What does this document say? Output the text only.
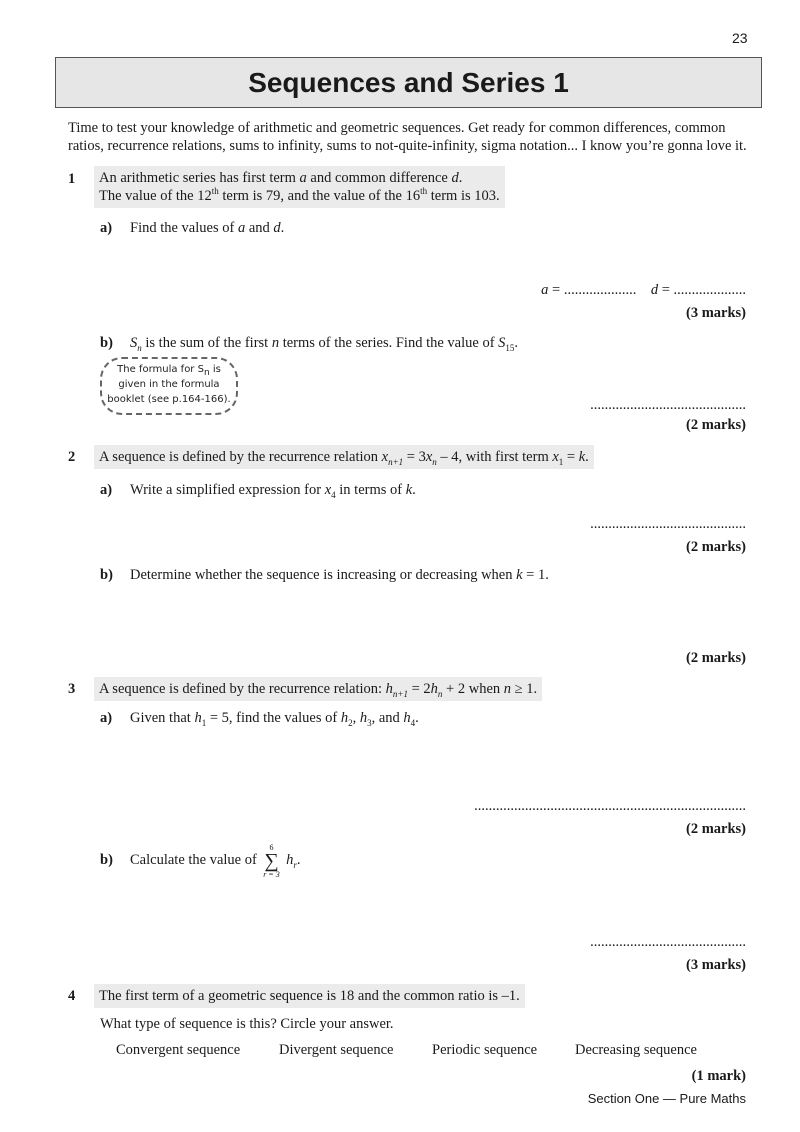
23
Sequences and Series 1
Time to test your knowledge of arithmetic and geometric sequences. Get ready for common differences, common
ratios, recurrence relations, sums to infinity, sums to not-quite-infinity, sigma notation... I know you’re gonna love it.
1 An arithmetic series has first term a and common difference d.
The value of the 12th term is 79, and the value of the 16th term is 103.
a) Find the values of a and d.
a = .................... d = ....................
(3 marks)
b) $S_n$ is the sum of the first n terms of the series. Find the value of $S_{15}$.
The formula for $S_n$ is
given in the formula
booklet (see p.164-166).	...........................................
(2 marks)
2	A sequence is defined by the recurrence relation $x_{n+1} = 3x_n - 4$, with first term $x_1 = k$.
a) Write a simplified expression for $x_4$ in terms of k.
...........................................
(2 marks)
b) Determine whether the sequence is increasing or decreasing when k = 1.
(2 marks)
3	A sequence is defined by the recurrence relation: $h_{n+1} = 2h_n + 2$ when n ≥ 1.
a) Given that $h_1 = 5$, find the values of $h_2$, $h_3$, and $h_4$.
...........................................................................
(2 marks)
b) Calculate the value of
6
∑
r = 3
$h_r$.
...........................................
(3 marks)
4	The first term of a geometric sequence is 18 and the common ratio is –1.
What type of sequence is this? Circle your answer.
Convergent sequence	Divergent sequence	Periodic sequence	Decreasing sequence
(1 mark)
Section One — Pure Maths
